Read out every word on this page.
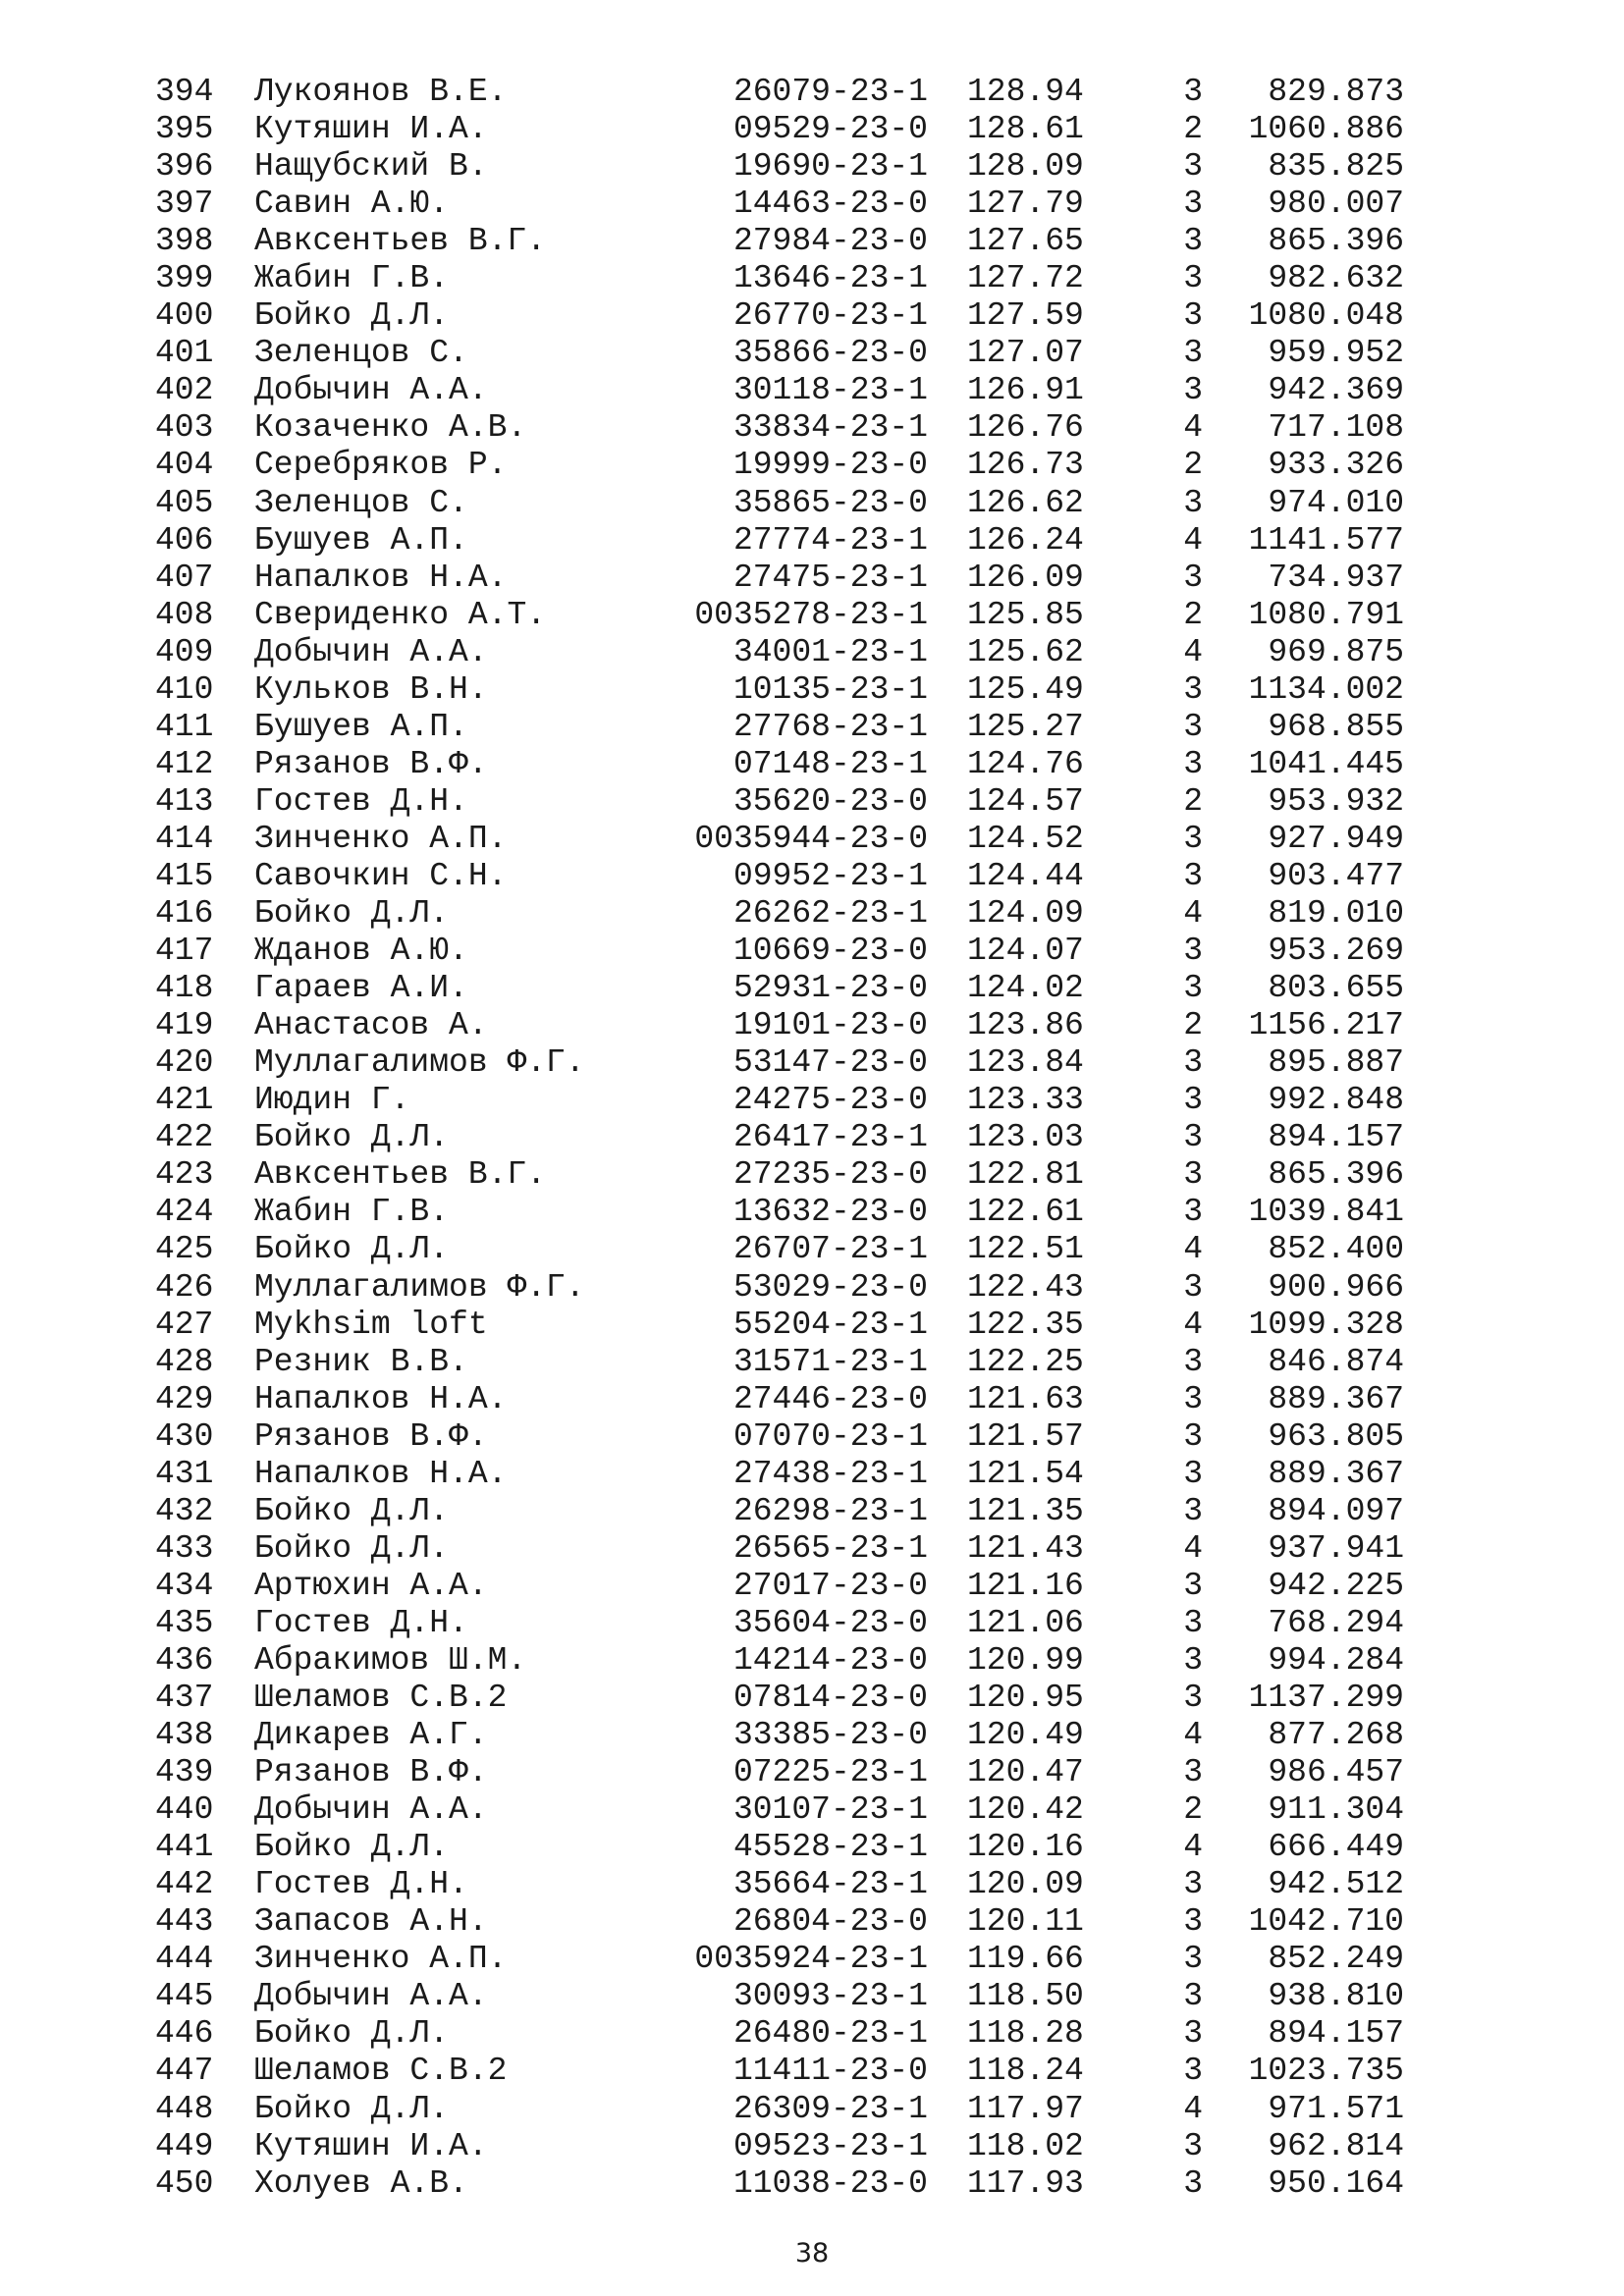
394 Лукоянов В.Е.	26079-23-1 128.94	3	829.873
395 Кутяшин И.А.	09529-23-0 128.61	2	1060.886
396 Нащубский В.	19690-23-1 128.09	3	835.825
397 Савин А.Ю.	14463-23-0 127.79	3	980.007
398 Авксентьев В.Г.	27984-23-0 127.65	3	865.396
399 Жабин Г.В.	13646-23-1 127.72	3	982.632
400 Бойко Д.Л.	26770-23-1 127.59	3	1080.048
401 Зеленцов С.	35866-23-0 127.07	3	959.952
402 Добычин А.А.	30118-23-1 126.91	3	942.369
403 Козаченко А.В.	33834-23-1 126.76	4	717.108
404 Серебряков Р.	19999-23-0 126.73	2	933.326
405 Зеленцов С.	35865-23-0 126.62	3	974.010
406 Бушуев А.П.	27774-23-1 126.24	4	1141.577
407 Напалков Н.А.	27475-23-1 126.09	3	734.937
408 Свериденко А.Т.	0035278-23-1 125.85	2	1080.791
409 Добычин А.А.	34001-23-1 125.62	4	969.875
410 Кульков В.Н.	10135-23-1 125.49	3	1134.002
411 Бушуев А.П.	27768-23-1 125.27	3	968.855
412 Рязанов В.Ф.	07148-23-1 124.76	3	1041.445
413 Гостев Д.Н.	35620-23-0 124.57	2	953.932
414 Зинченко А.П.	0035944-23-0 124.52	3	927.949
415 Савочкин С.Н.	09952-23-1 124.44	3	903.477
416 Бойко Д.Л.	26262-23-1 124.09	4	819.010
417 Жданов А.Ю.	10669-23-0 124.07	3	953.269
418 Гараев А.И.	52931-23-0 124.02	3	803.655
419 Анастасов А.	19101-23-0 123.86	2	1156.217
420 Муллагалимов Ф.Г.	53147-23-0 123.84	3	895.887
421 Июдин Г.	24275-23-0 123.33	3	992.848
422 Бойко Д.Л.	26417-23-1 123.03	3	894.157
423 Авксентьев В.Г.	27235-23-0 122.81	3	865.396
424 Жабин Г.В.	13632-23-0 122.61	3	1039.841
425 Бойко Д.Л.	26707-23-1 122.51	4	852.400
426 Муллагалимов Ф.Г.	53029-23-0 122.43	3	900.966
427 Mykhsim loft	55204-23-1 122.35	4	1099.328
428 Резник В.В.	31571-23-1 122.25	3	846.874
429 Напалков Н.А.	27446-23-0 121.63	3	889.367
430 Рязанов В.Ф.	07070-23-1 121.57	3	963.805
431 Напалков Н.А.	27438-23-1 121.54	3	889.367
432 Бойко Д.Л.	26298-23-1 121.35	3	894.097
433 Бойко Д.Л.	26565-23-1 121.43	4	937.941
434 Артюхин А.А.	27017-23-0 121.16	3	942.225
435 Гостев Д.Н.	35604-23-0 121.06	3	768.294
436 Абракимов Ш.М.	14214-23-0 120.99	3	994.284
437 Шеламов С.В.2	07814-23-0 120.95	3	1137.299
438 Дикарев А.Г.	33385-23-0 120.49	4	877.268
439 Рязанов В.Ф.	07225-23-1 120.47	3	986.457
440 Добычин А.А.	30107-23-1 120.42	2	911.304
441 Бойко Д.Л.	45528-23-1 120.16	4	666.449
442 Гостев Д.Н.	35664-23-1 120.09	3	942.512
443 Запасов А.Н.	26804-23-0 120.11	3	1042.710
444 Зинченко А.П.	0035924-23-1 119.66	3	852.249
445 Добычин А.А.	30093-23-1 118.50	3	938.810
446 Бойко Д.Л.	26480-23-1 118.28	3	894.157
447 Шеламов С.В.2	11411-23-0 118.24	3	1023.735
448 Бойко Д.Л.	26309-23-1 117.97	4	971.571
449 Кутяшин И.А.	09523-23-1 118.02	3	962.814
450 Холуев А.В.	11038-23-0 117.93	3	950.164
38
